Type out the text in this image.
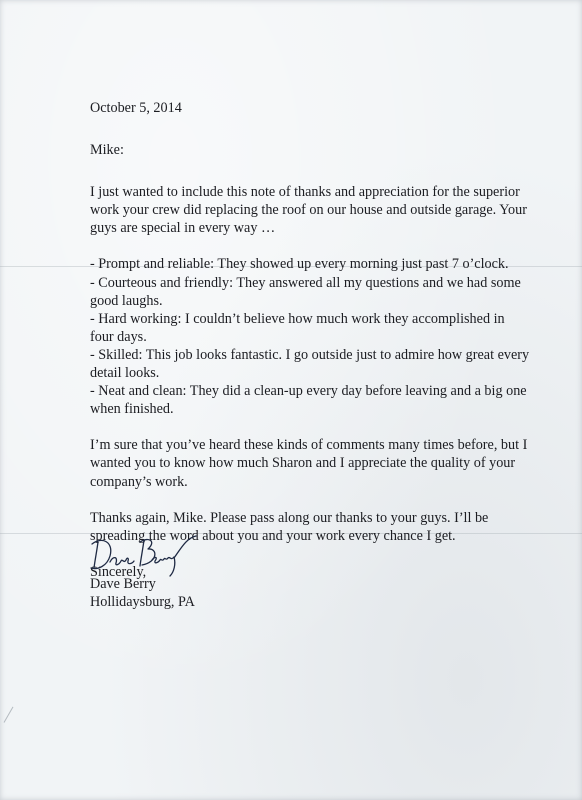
October 5, 2014

Mike:

I just wanted to include this note of thanks and appreciation for the superior work your crew did replacing the roof on our house and outside garage. Your guys are special in every way …

- Prompt and reliable: They showed up every morning just past 7 o’clock.

- Courteous and friendly: They answered all my questions and we had some good laughs.

- Hard working: I couldn’t believe how much work they accomplished in four days.

- Skilled: This job looks fantastic. I go outside just to admire how great every detail looks.

- Neat and clean: They did a clean-up every day before leaving and a big one when finished.

I’m sure that you’ve heard these kinds of comments many times before, but I wanted you to know how much Sharon and I appreciate the quality of your company’s work.

Thanks again, Mike. Please pass along our thanks to your guys. I’ll be spreading the word about you and your work every chance I get.

Sincerely,

Dave Berry
Hollidaysburg, PA
